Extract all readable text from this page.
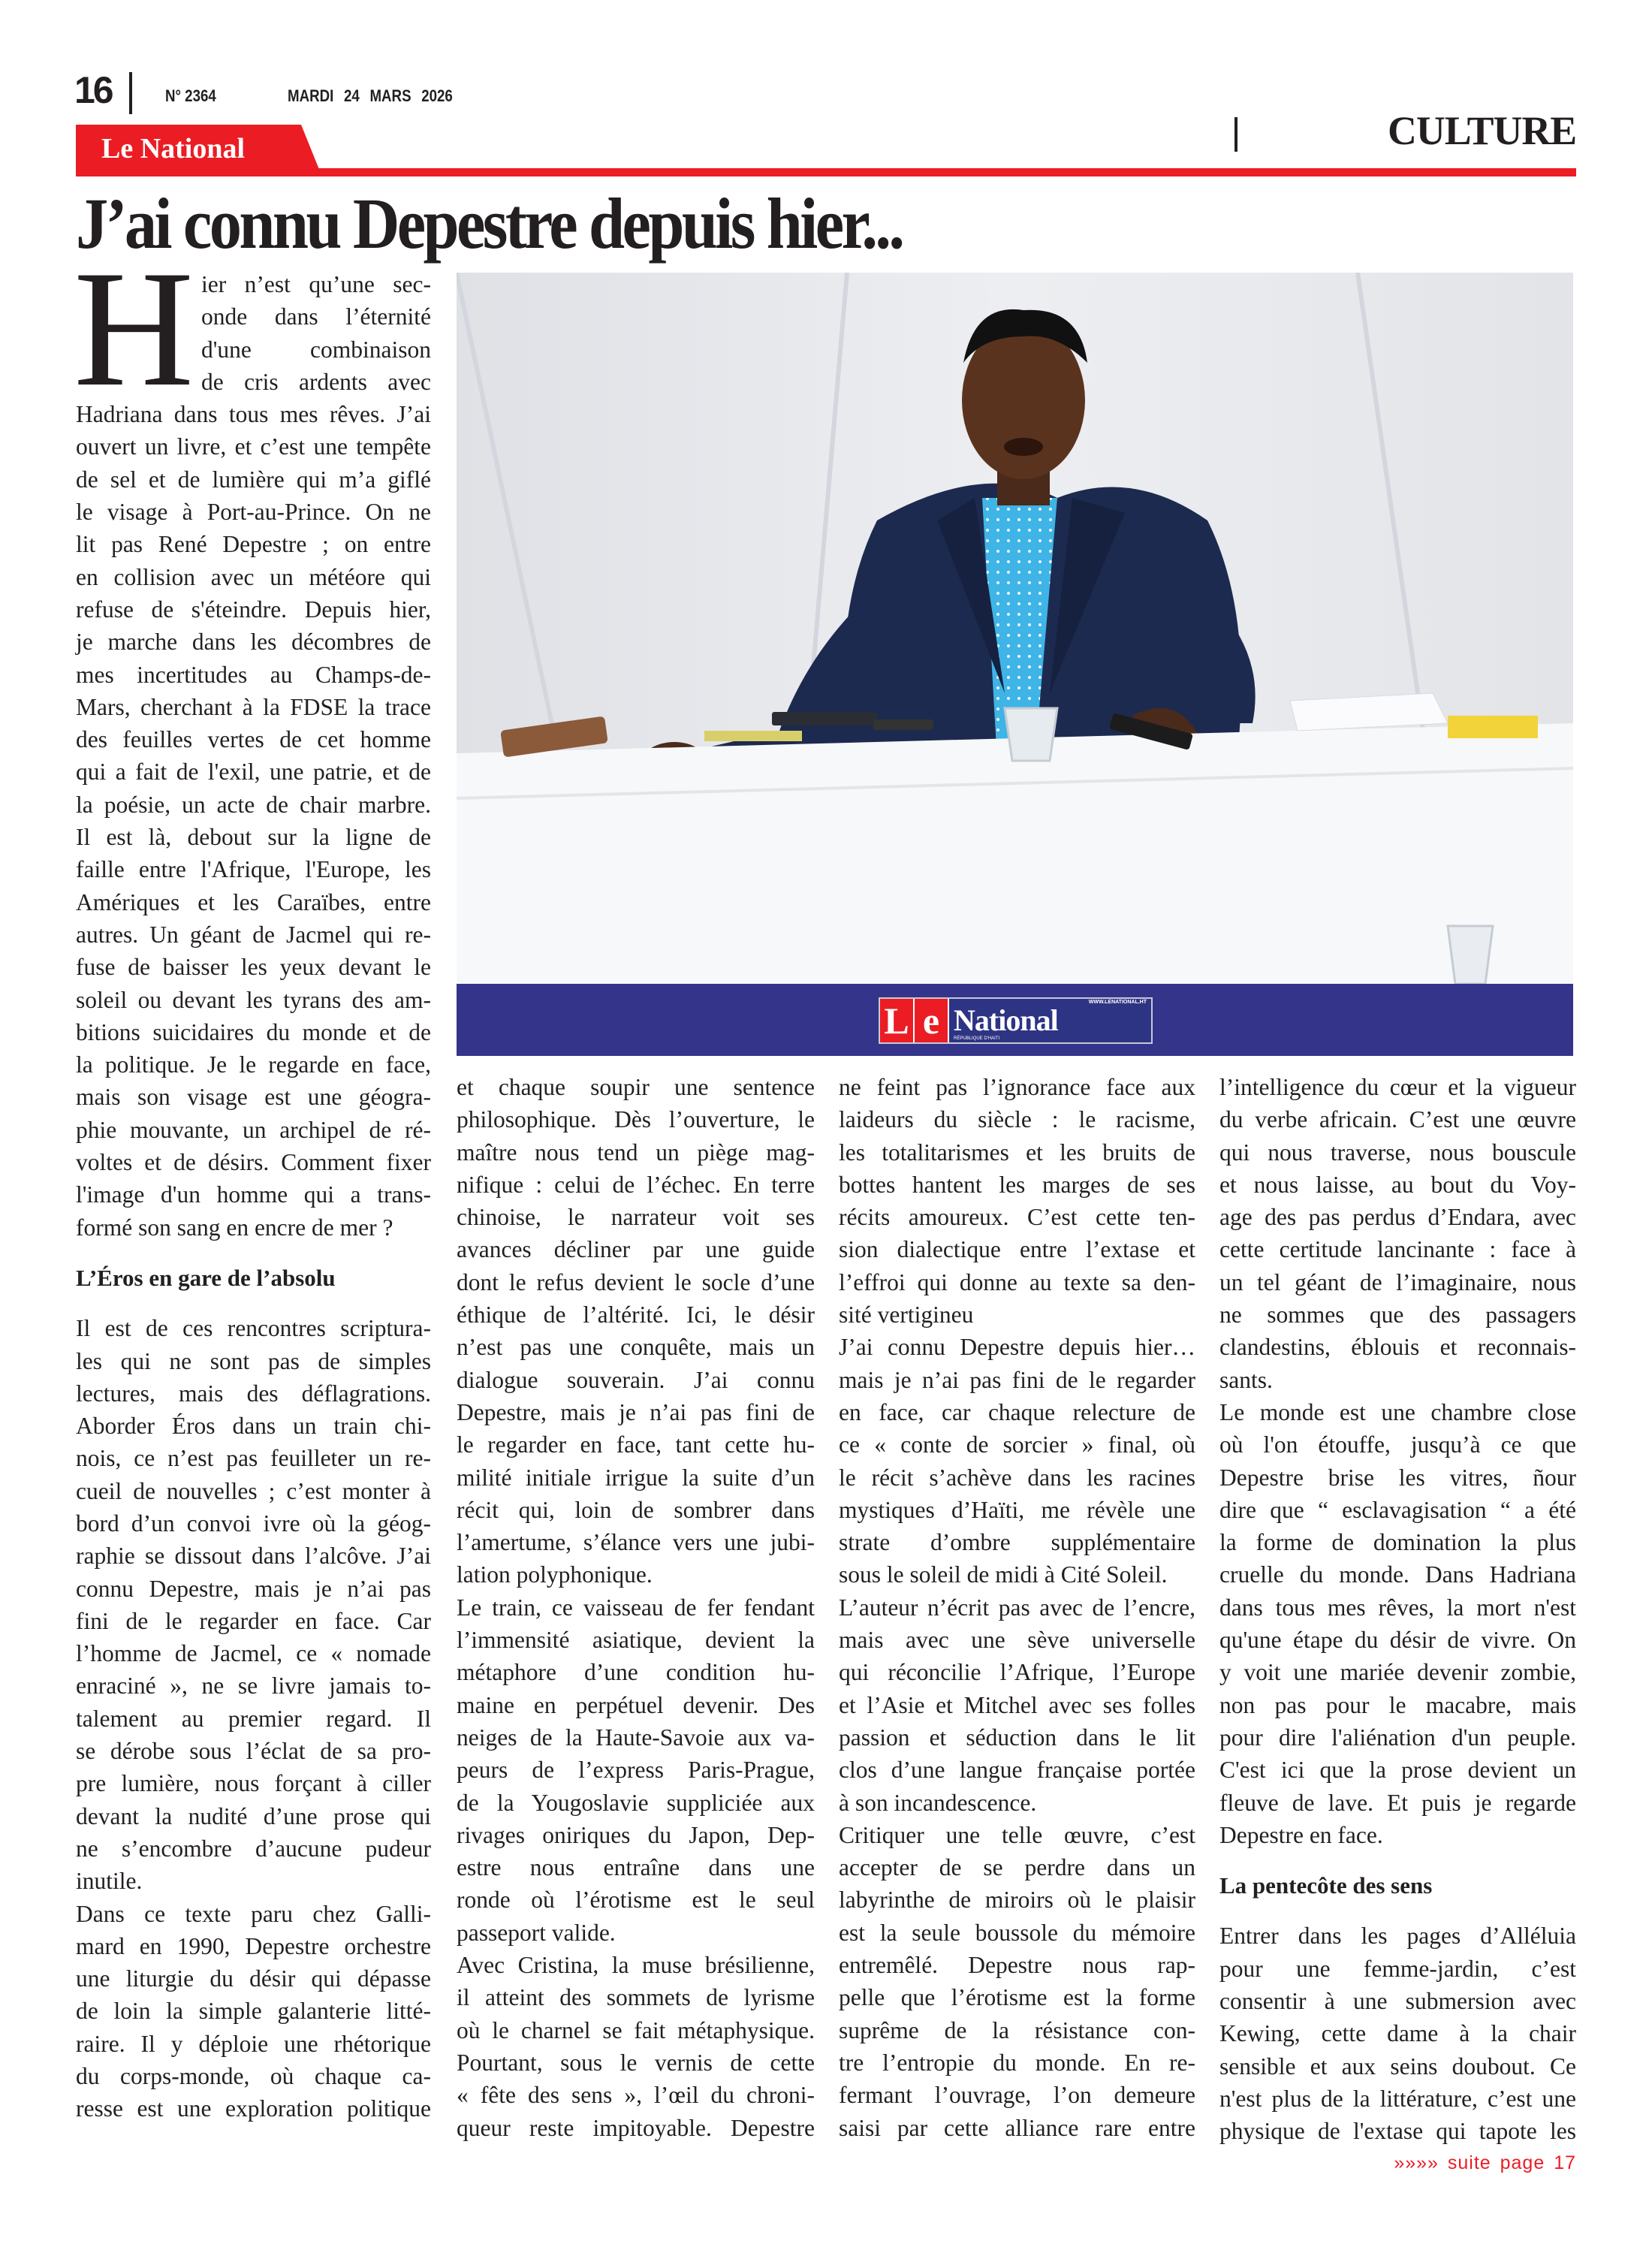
16	N° 2364	MARDI 24 MARS 2026
Le National	CULTURE
J’ai connu Depestre depuis hier...
L e	WWW.LENATIONAL.HT
National
RÉPUBLIQUE D'HAITI
H ier n’est qu’une sec-
onde dans l’éternité
d'une combinaison
de cris ardents avec
Hadriana dans tous mes rêves. J’ai
ouvert un livre, et c’est une tempête
de sel et de lumière qui m’a giflé
le visage à Port-au-Prince. On ne
lit pas René Depestre ; on entre
en collision avec un météore qui
refuse de s'éteindre. Depuis hier,
je marche dans les décombres de
mes incertitudes au Champs-de-
Mars, cherchant à la FDSE la trace
des feuilles vertes de cet homme
qui a fait de l'exil, une patrie, et de
la poésie, un acte de chair marbre.
Il est là, debout sur la ligne de
faille entre l'Afrique, l'Europe, les
Amériques et les Caraïbes, entre
autres. Un géant de Jacmel qui re-
fuse de baisser les yeux devant le
soleil ou devant les tyrans des am-
bitions suicidaires du monde et de
la politique. Je le regarde en face,
mais son visage est une géogra-
phie mouvante, un archipel de ré-
voltes et de désirs. Comment fixer
l'image d'un homme qui a trans-
formé son sang en encre de mer ?
L’Éros en gare de l’absolu
Il est de ces rencontres scriptura-
les qui ne sont pas de simples
lectures, mais des déflagrations.
Aborder Éros dans un train chi-
nois, ce n’est pas feuilleter un re-
cueil de nouvelles ; c’est monter à
bord d’un convoi ivre où la géog-
raphie se dissout dans l’alcôve. J’ai
connu Depestre, mais je n’ai pas
fini de le regarder en face. Car
l’homme de Jacmel, ce « nomade
enraciné », ne se livre jamais to-
talement au premier regard. Il
se dérobe sous l’éclat de sa pro-
pre lumière, nous forçant à ciller
devant la nudité d’une prose qui
ne s’encombre d’aucune pudeur
inutile.
Dans ce texte paru chez Galli-
mard en 1990, Depestre orchestre
une liturgie du désir qui dépasse
de loin la simple galanterie litté-
raire. Il y déploie une rhétorique
du corps-monde, où chaque ca-
resse est une exploration politique
et chaque soupir une sentence
philosophique. Dès l’ouverture, le
maître nous tend un piège mag-
nifique : celui de l’échec. En terre
chinoise, le narrateur voit ses
avances décliner par une guide
dont le refus devient le socle d’une
éthique de l’altérité. Ici, le désir
n’est pas une conquête, mais un
dialogue souverain. J’ai connu
Depestre, mais je n’ai pas fini de
le regarder en face, tant cette hu-
milité initiale irrigue la suite d’un
récit qui, loin de sombrer dans
l’amertume, s’élance vers une jubi-
lation polyphonique.
Le train, ce vaisseau de fer fendant
l’immensité asiatique, devient la
métaphore d’une condition hu-
maine en perpétuel devenir. Des
neiges de la Haute-Savoie aux va-
peurs de l’express Paris-Prague,
de la Yougoslavie suppliciée aux
rivages oniriques du Japon, Dep-
estre nous entraîne dans une
ronde où l’érotisme est le seul
passeport valide.
Avec Cristina, la muse brésilienne,
il atteint des sommets de lyrisme
où le charnel se fait métaphysique.
Pourtant, sous le vernis de cette
« fête des sens », l’œil du chroni-
queur reste impitoyable. Depestre
ne feint pas l’ignorance face aux
laideurs du siècle : le racisme,
les totalitarismes et les bruits de
bottes hantent les marges de ses
récits amoureux. C’est cette ten-
sion dialectique entre l’extase et
l’effroi qui donne au texte sa den-
sité vertigineu
J’ai connu Depestre depuis hier…
mais je n’ai pas fini de le regarder
en face, car chaque relecture de
ce « conte de sorcier » final, où
le récit s’achève dans les racines
mystiques d’Haïti, me révèle une
strate d’ombre supplémentaire
sous le soleil de midi à Cité Soleil.
L’auteur n’écrit pas avec de l’encre,
mais avec une sève universelle
qui réconcilie l’Afrique, l’Europe
et l’Asie et Mitchel avec ses folles
passion et séduction dans le lit
clos d’une langue française portée
à son incandescence.
Critiquer une telle œuvre, c’est
accepter de se perdre dans un
labyrinthe de miroirs où le plaisir
est la seule boussole du mémoire
entremêlé. Depestre nous rap-
pelle que l’érotisme est la forme
suprême de la résistance con-
tre l’entropie du monde. En re-
fermant l’ouvrage, l’on demeure
saisi par cette alliance rare entre
l’intelligence du cœur et la vigueur
du verbe africain. C’est une œuvre
qui nous traverse, nous bouscule
et nous laisse, au bout du Voy-
age des pas perdus d’Endara, avec
cette certitude lancinante : face à
un tel géant de l’imaginaire, nous
ne sommes que des passagers
clandestins, éblouis et reconnais-
sants.
Le monde est une chambre close
où l'on étouffe, jusqu’à ce que
Depestre brise les vitres, ñour
dire que “ esclavagisation “ a été
la forme de domination la plus
cruelle du monde. Dans Hadriana
dans tous mes rêves, la mort n'est
qu'une étape du désir de vivre. On
y voit une mariée devenir zombie,
non pas pour le macabre, mais
pour dire l'aliénation d'un peuple.
C'est ici que la prose devient un
fleuve de lave. Et puis je regarde
Depestre en face.
La pentecôte des sens
Entrer dans les pages d’Alléluia
pour une femme-jardin, c’est
consentir à une submersion avec
Kewing, cette dame à la chair
sensible et aux seins doubout. Ce
n'est plus de la littérature, c’est une
physique de l'extase qui tapote les
»»»» suite page 17
